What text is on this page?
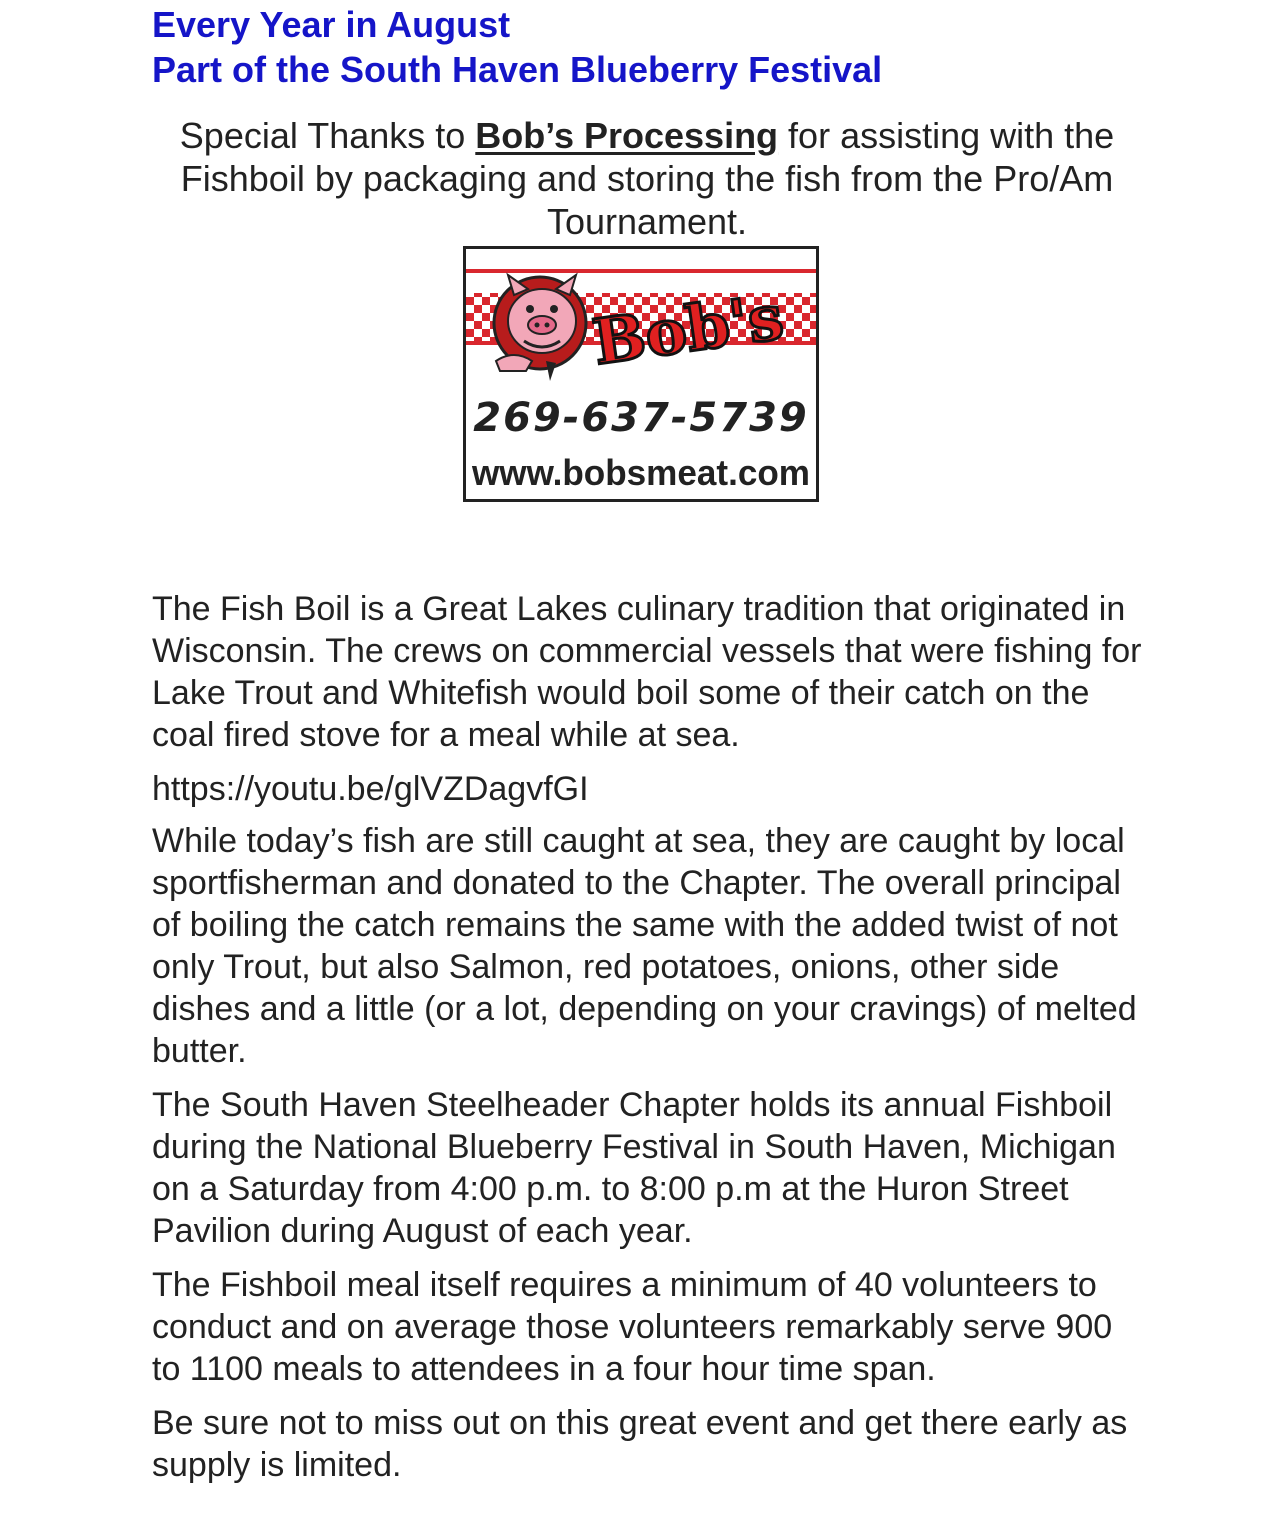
Every Year in August
Part of the South Haven Blueberry Festival

Special Thanks to Bob’s Processing for assisting with the Fishboil by packaging and storing the fish from the Pro/Am Tournament.

Bob's
269-637-5739
www.bobsmeat.com

The Fish Boil is a Great Lakes culinary tradition that originated in Wisconsin. The crews on commercial vessels that were fishing for Lake Trout and Whitefish would boil some of their catch on the coal fired stove for a meal while at sea.

https://youtu.be/glVZDagvfGI

While today’s fish are still caught at sea, they are caught by local sportfisherman and donated to the Chapter. The overall principal of boiling the catch remains the same with the added twist of not only Trout, but also Salmon, red potatoes, onions, other side dishes and a little (or a lot, depending on your cravings) of melted butter.

The South Haven Steelheader Chapter holds its annual Fishboil during the National Blueberry Festival in South Haven, Michigan on a Saturday from 4:00 p.m. to 8:00 p.m at the Huron Street Pavilion during August of each year.

The Fishboil meal itself requires a minimum of 40 volunteers to conduct and on average those volunteers remarkably serve 900 to 1100 meals to attendees in a four hour time span.

Be sure not to miss out on this great event and get there early as supply is limited.
